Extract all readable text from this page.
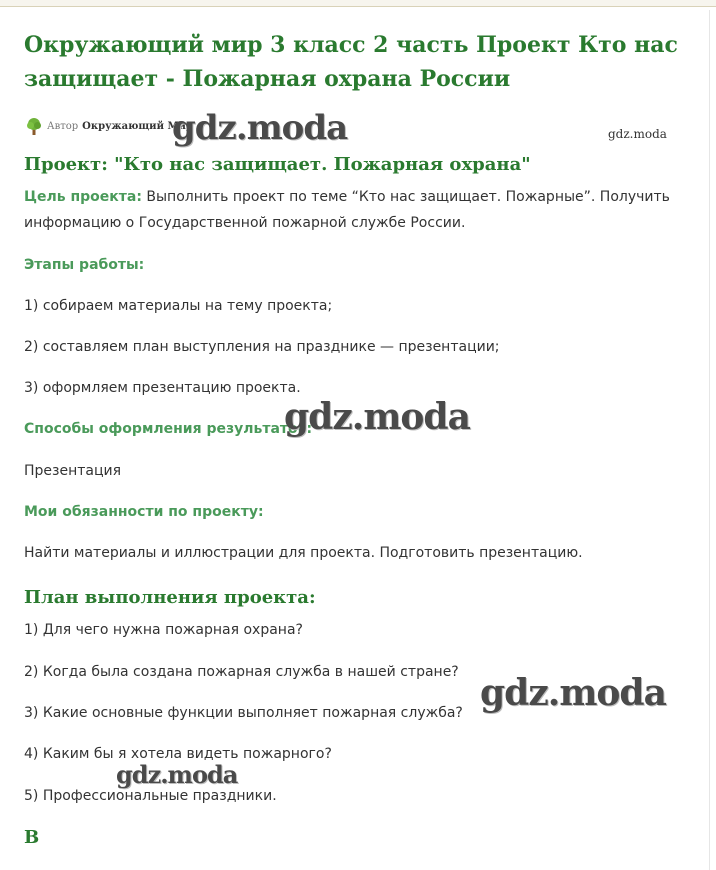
Окружающий мир 3 класс 2 часть Проект Кто нас защищает - Пожарная охрана России
Автор Окружающий Мир
gdz.moda	gdz.moda
Проект: "Кто нас защищает. Пожарная охрана"
Цель проекта: Выполнить проект по теме “Кто нас защищает. Пожарные”. Получить информацию о Государственной пожарной службе России.
Этапы работы:
1) собираем материалы на тему проекта;
2) составляем план выступления на празднике — презентации;
3) оформляем презентацию проекта.
Способы оформления результатов:
gdz.moda
Презентация
Мои обязанности по проекту:
Найти материалы и иллюстрации для проекта. Подготовить презентацию.
План выполнения проекта:
1) Для чего нужна пожарная охрана?
2) Когда была создана пожарная служба в нашей стране? gdz.moda
3) Какие основные функции выполняет пожарная служба?
4) Каким бы я хотела видеть пожарного?
gdz.moda
5) Профессиональные праздники.
В
